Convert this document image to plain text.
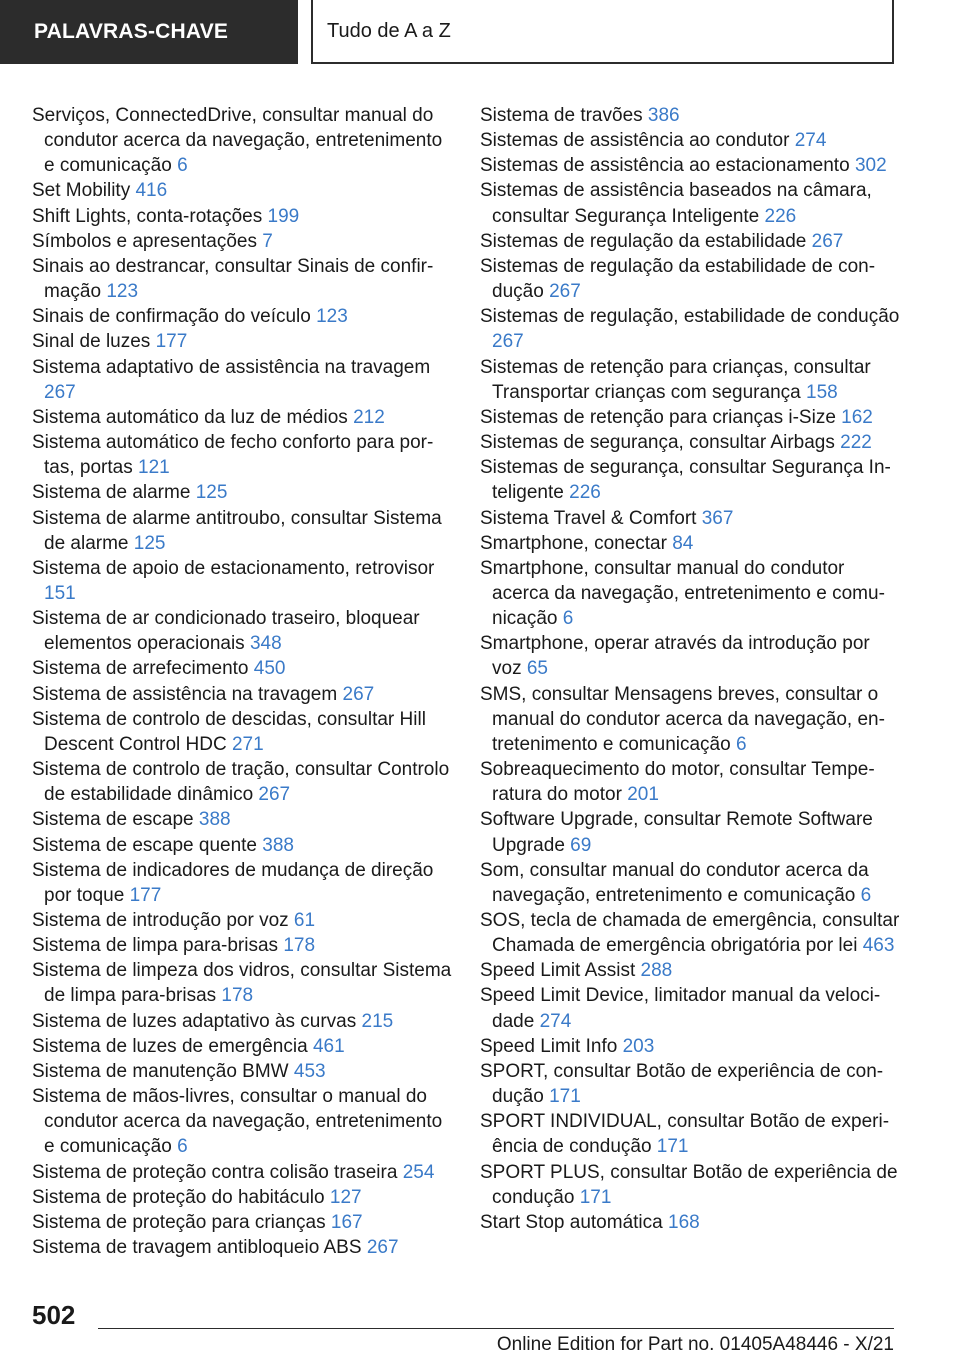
PALAVRAS-CHAVE	Tudo de A a Z
Serviços, ConnectedDrive, consultar manual do condutor acerca da navegação, entretenimento e comunicação 6
Set Mobility 416
Shift Lights, conta-rotações 199
Símbolos e apresentações 7
Sinais ao destrancar, consultar Sinais de confirmação 123
Sinais de confirmação do veículo 123
Sinal de luzes 177
Sistema adaptativo de assistência na travagem 267
Sistema automático da luz de médios 212
Sistema automático de fecho conforto para portas, portas 121
Sistema de alarme 125
Sistema de alarme antitroubo, consultar Sistema de alarme 125
Sistema de apoio de estacionamento, retrovisor 151
Sistema de ar condicionado traseiro, bloquear elementos operacionais 348
Sistema de arrefecimento 450
Sistema de assistência na travagem 267
Sistema de controlo de descidas, consultar Hill Descent Control HDC 271
Sistema de controlo de tração, consultar Controlo de estabilidade dinâmico 267
Sistema de escape 388
Sistema de escape quente 388
Sistema de indicadores de mudança de direção por toque 177
Sistema de introdução por voz 61
Sistema de limpa para-brisas 178
Sistema de limpeza dos vidros, consultar Sistema de limpa para-brisas 178
Sistema de luzes adaptativo às curvas 215
Sistema de luzes de emergência 461
Sistema de manutenção BMW 453
Sistema de mãos-livres, consultar o manual do condutor acerca da navegação, entretenimento e comunicação 6
Sistema de proteção contra colisão traseira 254
Sistema de proteção do habitáculo 127
Sistema de proteção para crianças 167
Sistema de travagem antibloqueio ABS 267
Sistema de travões 386
Sistemas de assistência ao condutor 274
Sistemas de assistência ao estacionamento 302
Sistemas de assistência baseados na câmara, consultar Segurança Inteligente 226
Sistemas de regulação da estabilidade 267
Sistemas de regulação da estabilidade de condução 267
Sistemas de regulação, estabilidade de condução 267
Sistemas de retenção para crianças, consultar Transportar crianças com segurança 158
Sistemas de retenção para crianças i-Size 162
Sistemas de segurança, consultar Airbags 222
Sistemas de segurança, consultar Segurança Inteligente 226
Sistema Travel & Comfort 367
Smartphone, conectar 84
Smartphone, consultar manual do condutor acerca da navegação, entretenimento e comunicação 6
Smartphone, operar através da introdução por voz 65
SMS, consultar Mensagens breves, consultar o manual do condutor acerca da navegação, entretenimento e comunicação 6
Sobreaquecimento do motor, consultar Temperatura do motor 201
Software Upgrade, consultar Remote Software Upgrade 69
Som, consultar manual do condutor acerca da navegação, entretenimento e comunicação 6
SOS, tecla de chamada de emergência, consultar Chamada de emergência obrigatória por lei 463
Speed Limit Assist 288
Speed Limit Device, limitador manual da velocidade 274
Speed Limit Info 203
SPORT, consultar Botão de experiência de condução 171
SPORT INDIVIDUAL, consultar Botão de experiência de condução 171
SPORT PLUS, consultar Botão de experiência de condução 171
Start Stop automática 168
502
Online Edition for Part no. 01405A48446 - X/21
